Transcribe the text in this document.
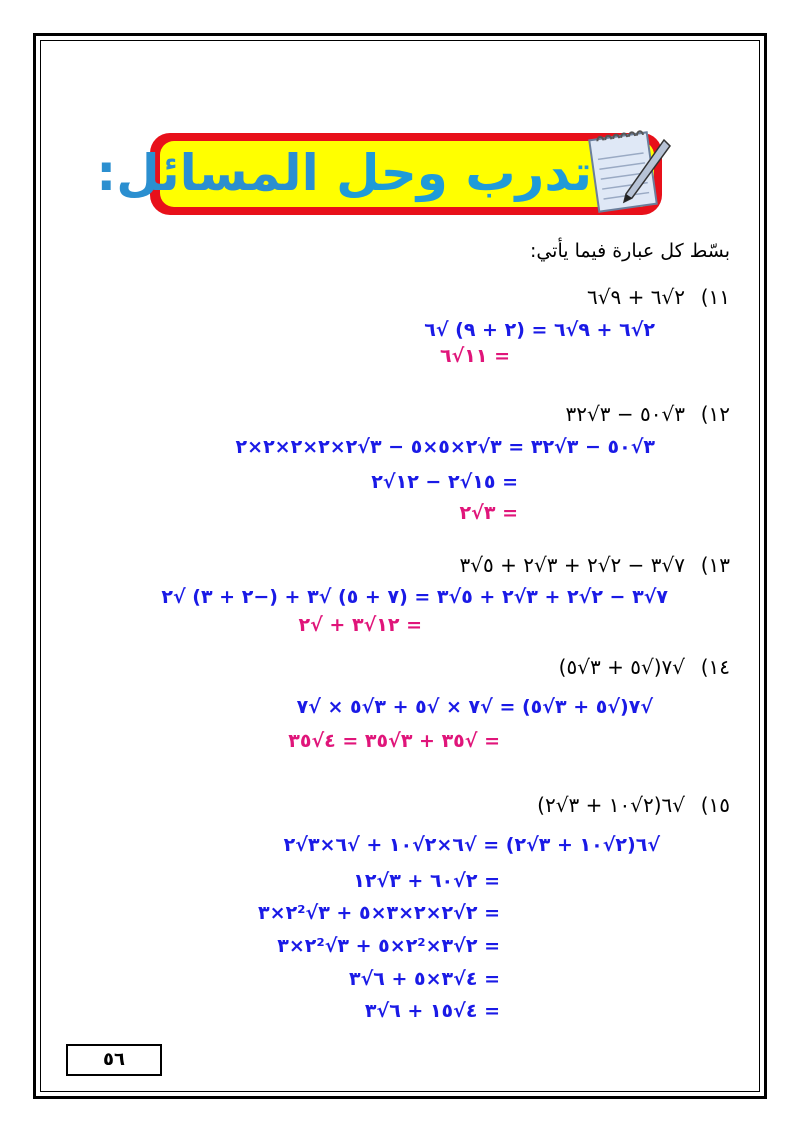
تدرب وحل المسائل:
بسّط كل عبارة فيما يأتي:
١١)
٢√٦ + ٩√٦
٢√٦ + ٩√٦ = (٢ + ٩) √٦
= ١١√٦
١٢)
٣√٥٠ − ٣√٣٢
٣√٥٠ − ٣√٣٢ = ٣√٢×٥×٥ − ٣√٢×٢×٢×٢×٢
= ١٥√٢ − ١٢√٢
= ٣√٢
١٣)
٧√٣ − ٢√٢ + ٣√٢ + ٥√٣
٧√٣ − ٢√٢ + ٣√٢ + ٥√٣ = (٧ + ٥) √٣ + (−٢ + ٣) √٢
= ١٢√٣ + √٢
١٤)
√٧(√٥ + ٣√٥)
√٧(√٥ + ٣√٥) = √٧ × √٥ + ٣√٥ × √٧
= √٣٥ + ٣√٣٥ = ٤√٣٥
١٥)
√٦(٢√١٠ + ٣√٢)
√٦(٢√١٠ + ٣√٢) = √٦×٢√١٠ + √٦×٣√٢
= ٢√٦٠ + ٣√١٢
= ٢√٢×٢×٣×٥ + ٣√٢²×٣
= ٢√٣×٢²×٥ + ٣√٢²×٣
= ٤√٣×٥ + ٦√٣
= ٤√١٥ + ٦√٣
٥٦
